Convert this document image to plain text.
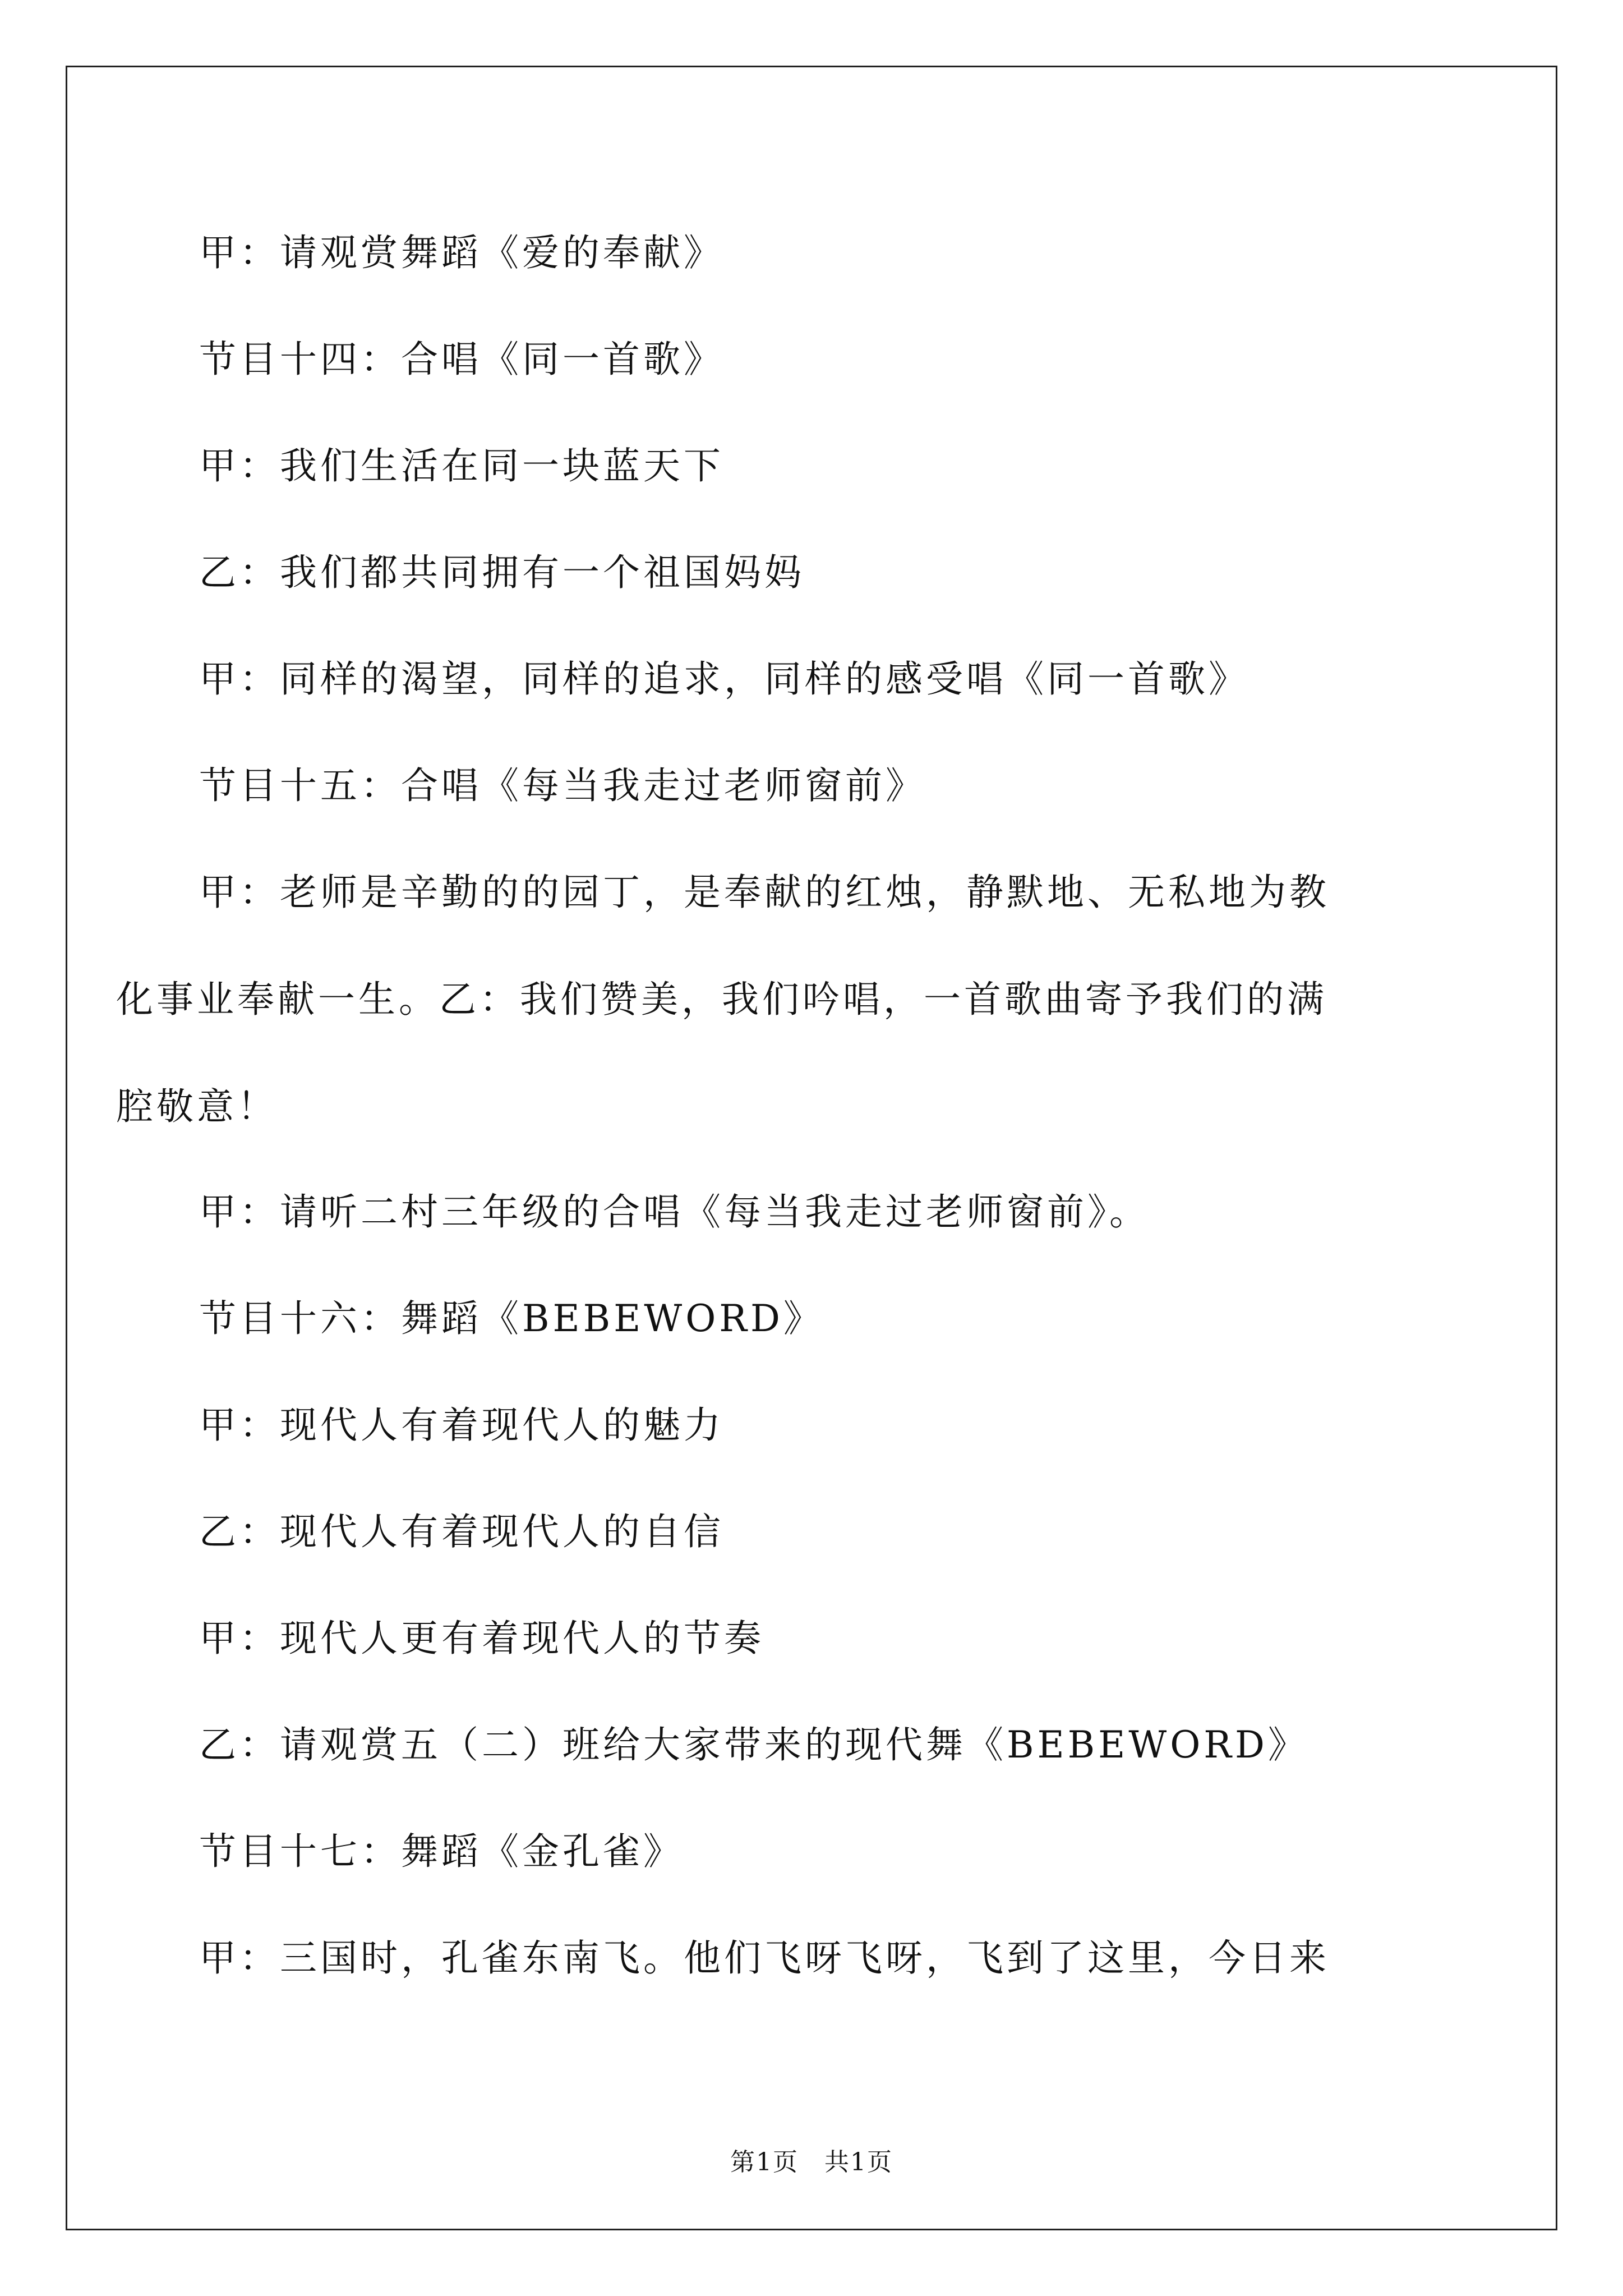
甲：请观赏舞蹈《爱的奉献》
节目十四：合唱《同一首歌》
甲：我们生活在同一块蓝天下
乙：我们都共同拥有一个祖国妈妈
甲：同样的渴望，同样的追求，同样的感受唱《同一首歌》
节目十五：合唱《每当我走过老师窗前》
甲：老师是辛勤的的园丁，是奉献的红烛，静默地、无私地为教
化事业奉献一生。乙：我们赞美，我们吟唱，一首歌曲寄予我们的满
腔敬意！
甲：请听二村三年级的合唱《每当我走过老师窗前》。
节目十六：舞蹈《BEBEWORD》
甲：现代人有着现代人的魅力
乙：现代人有着现代人的自信
甲：现代人更有着现代人的节奏
乙：请观赏五（二）班给大家带来的现代舞《BEBEWORD》
节目十七：舞蹈《金孔雀》
甲：三国时，孔雀东南飞。他们飞呀飞呀，飞到了这里，今日来
第1页　共1页
